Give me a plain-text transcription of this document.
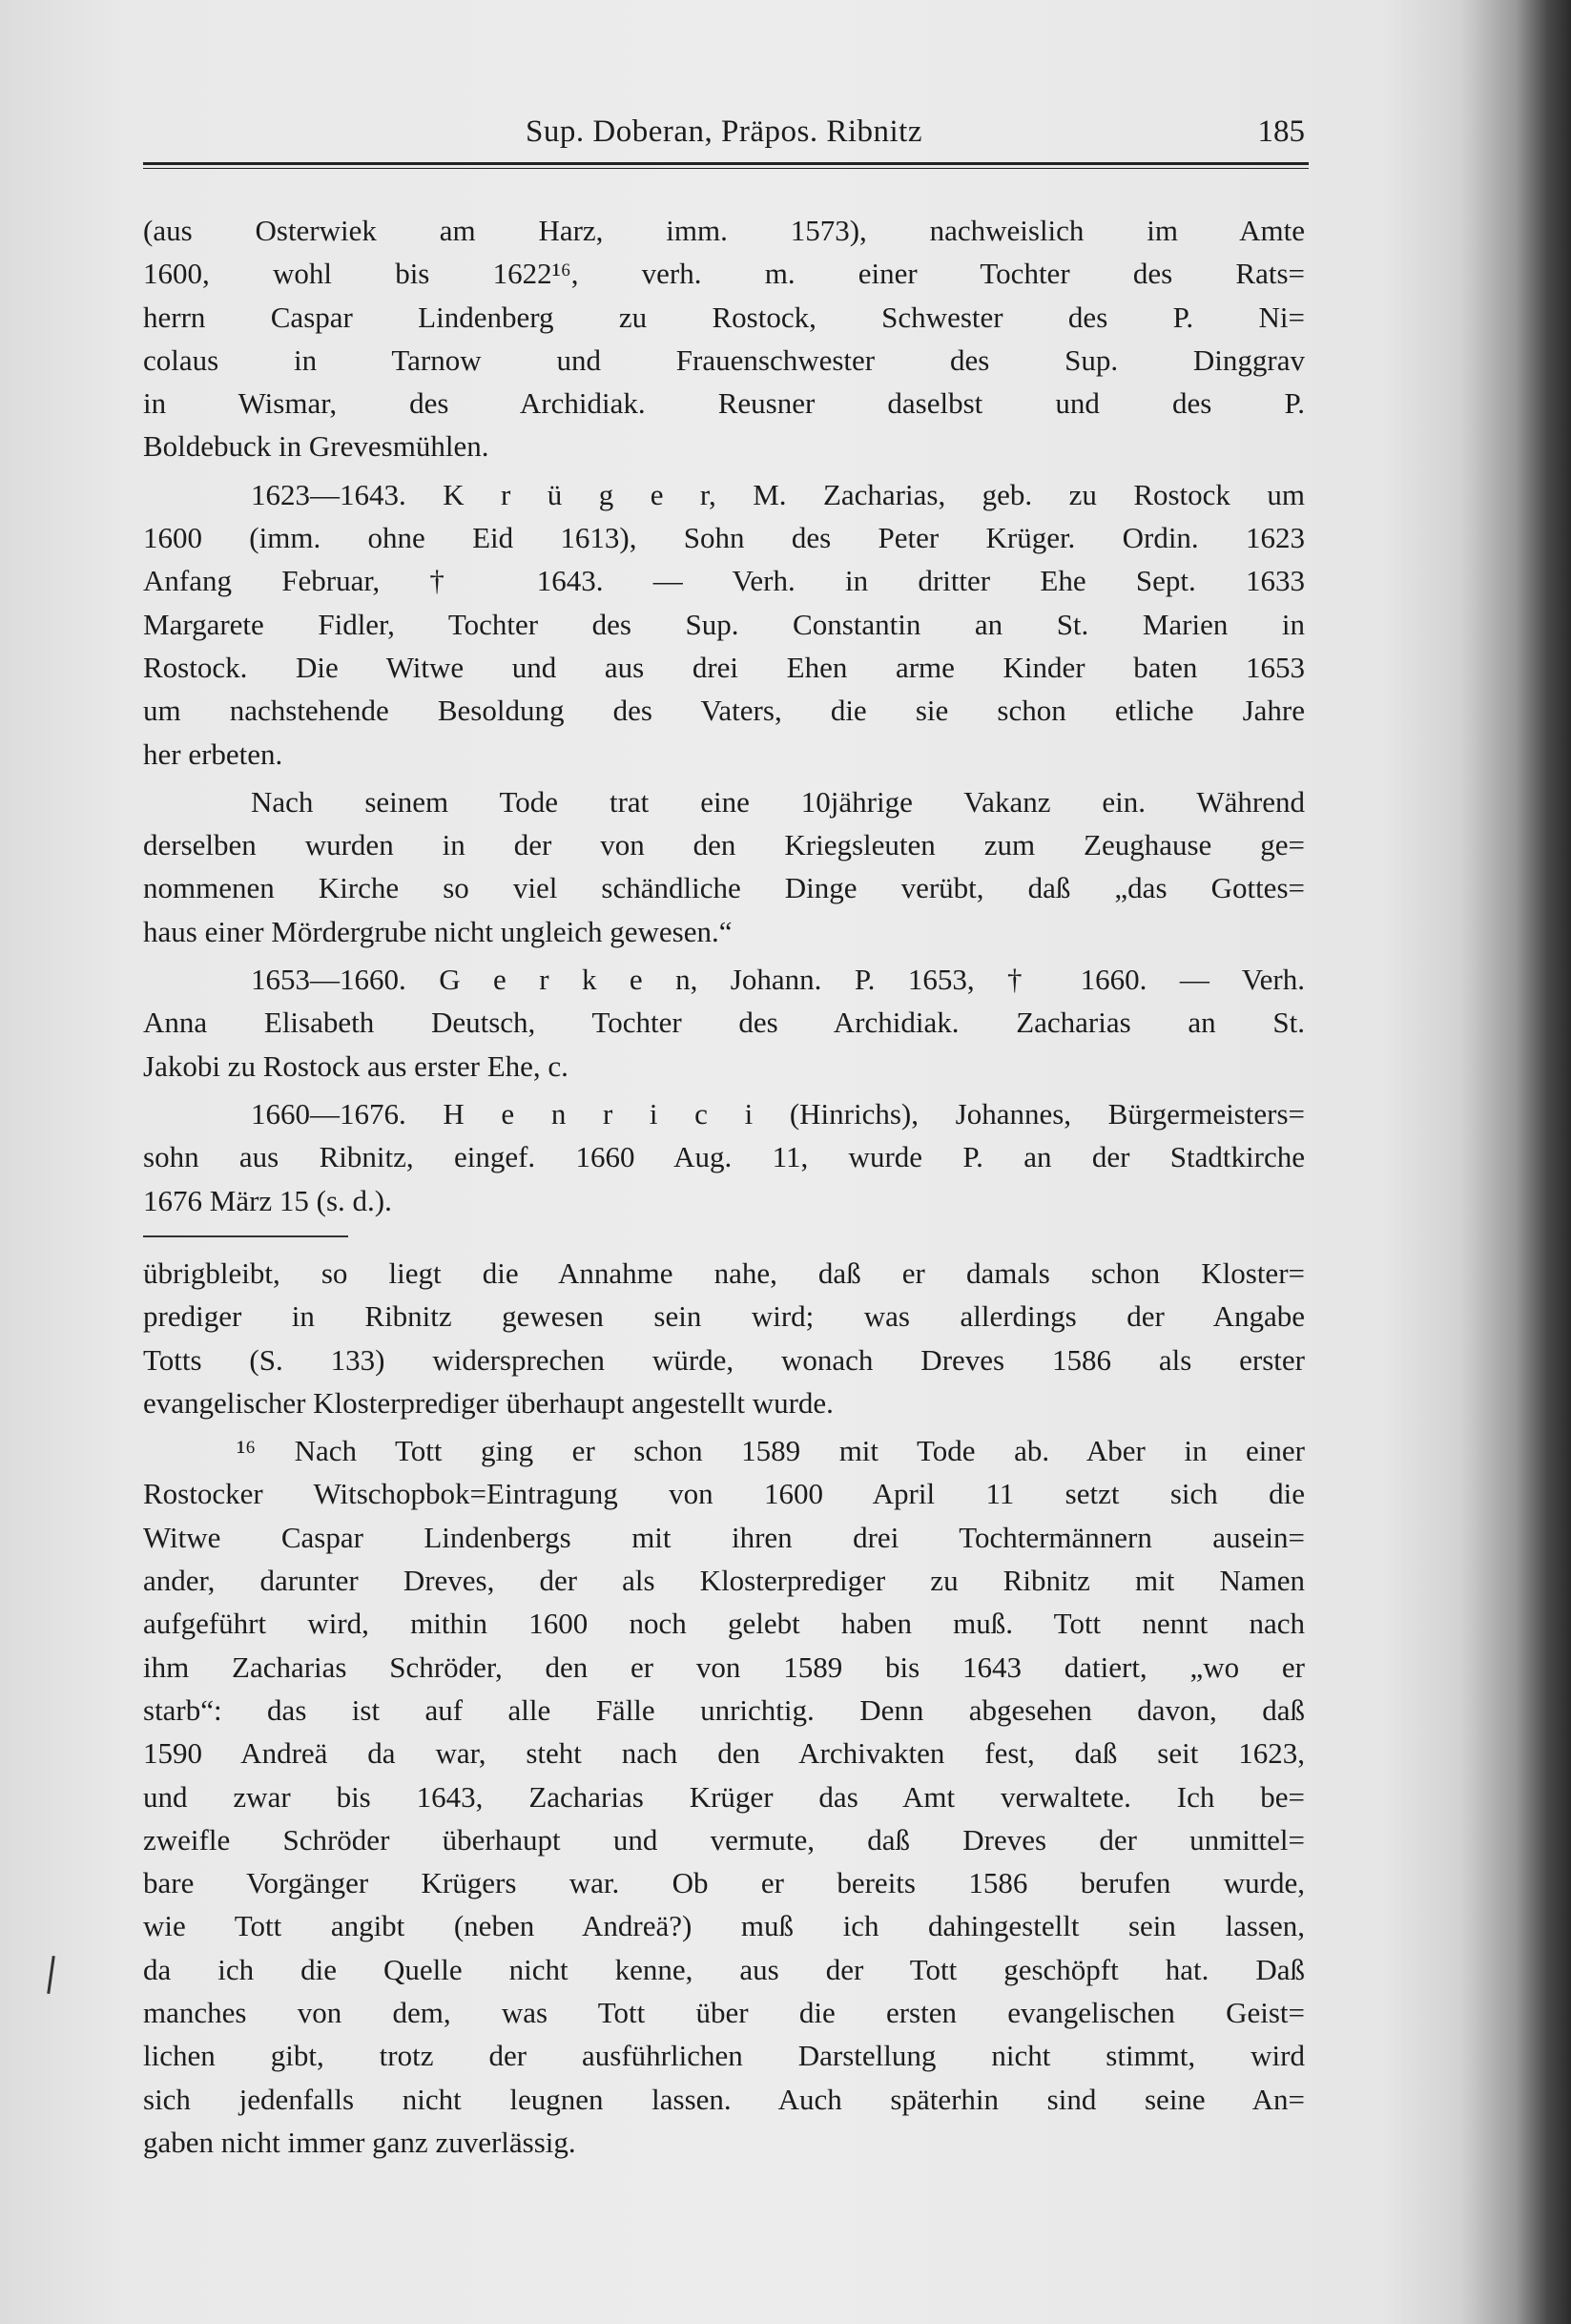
Sup. Doberan, Präpos. Ribnitz	185
(aus Osterwiek am Harz, imm. 1573), nachweislich im Amte
1600, wohl bis 1622¹⁶, verh. m. einer Tochter des Rats=
herrn Caspar Lindenberg zu Rostock, Schwester des P. Ni=
colaus in Tarnow und Frauenschwester des Sup. Dinggrav
in Wismar, des Archidiak. Reusner daselbst und des P.
Boldebuck in Grevesmühlen.
1623—1643. K r ü g e r, M. Zacharias, geb. zu Rostock um
1600 (imm. ohne Eid 1613), Sohn des Peter Krüger. Ordin. 1623
Anfang Februar, † 1643. — Verh. in dritter Ehe Sept. 1633
Margarete Fidler, Tochter des Sup. Constantin an St. Marien in
Rostock. Die Witwe und aus drei Ehen arme Kinder baten 1653
um nachstehende Besoldung des Vaters, die sie schon etliche Jahre
her erbeten.
Nach seinem Tode trat eine 10jährige Vakanz ein. Während
derselben wurden in der von den Kriegsleuten zum Zeughause ge=
nommenen Kirche so viel schändliche Dinge verübt, daß „das Gottes=
haus einer Mördergrube nicht ungleich gewesen.“
1653—1660. G e r k e n, Johann. P. 1653, † 1660. — Verh.
Anna Elisabeth Deutsch, Tochter des Archidiak. Zacharias an St.
Jakobi zu Rostock aus erster Ehe, c.
1660—1676. H e n r i c i (Hinrichs), Johannes, Bürgermeisters=
sohn aus Ribnitz, eingef. 1660 Aug. 11, wurde P. an der Stadtkirche
1676 März 15 (s. d.).
übrigbleibt, so liegt die Annahme nahe, daß er damals schon Kloster=
prediger in Ribnitz gewesen sein wird; was allerdings der Angabe
Totts (S. 133) widersprechen würde, wonach Dreves 1586 als erster
evangelischer Klosterprediger überhaupt angestellt wurde.
¹⁶ Nach Tott ging er schon 1589 mit Tode ab. Aber in einer
Rostocker Witschopbok=Eintragung von 1600 April 11 setzt sich die
Witwe Caspar Lindenbergs mit ihren drei Tochtermännern ausein=
ander, darunter Dreves, der als Klosterprediger zu Ribnitz mit Namen
aufgeführt wird, mithin 1600 noch gelebt haben muß. Tott nennt nach
ihm Zacharias Schröder, den er von 1589 bis 1643 datiert, „wo er
starb“: das ist auf alle Fälle unrichtig. Denn abgesehen davon, daß
1590 Andreä da war, steht nach den Archivakten fest, daß seit 1623,
und zwar bis 1643, Zacharias Krüger das Amt verwaltete. Ich be=
zweifle Schröder überhaupt und vermute, daß Dreves der unmittel=
bare Vorgänger Krügers war. Ob er bereits 1586 berufen wurde,
wie Tott angibt (neben Andreä?) muß ich dahingestellt sein lassen,
da ich die Quelle nicht kenne, aus der Tott geschöpft hat. Daß
manches von dem, was Tott über die ersten evangelischen Geist=
lichen gibt, trotz der ausführlichen Darstellung nicht stimmt, wird
sich jedenfalls nicht leugnen lassen. Auch späterhin sind seine An=
gaben nicht immer ganz zuverlässig.
